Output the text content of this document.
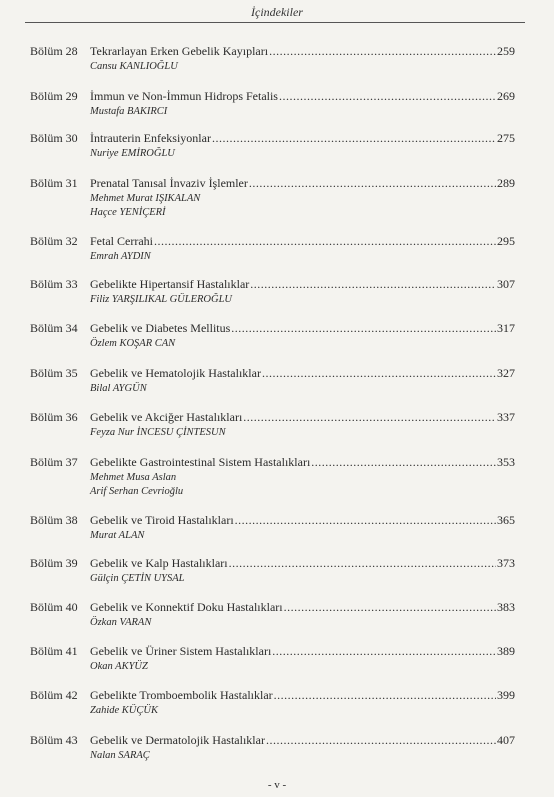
İçindekiler
Bölüm 28 Tekrarlayan Erken Gebelik Kayıpları .....	259
Cansu KANLIOĞLU
Bölüm 29 İmmun ve Non-İmmun Hidrops Fetalis .....	269
Mustafa BAKIRCI
Bölüm 30 İntrauterin Enfeksiyonlar .....	275
Nuriye EMİROĞLU
Bölüm 31 Prenatal Tanısal İnvaziv İşlemler .....	289
Mehmet Murat IŞIKALAN
Haçce YENİÇERİ
Bölüm 32 Fetal Cerrahi .....	295
Emrah AYDIN
Bölüm 33 Gebelikte Hipertansif Hastalıklar .....	307
Filiz YARŞILIKAL GÜLEROĞLU
Bölüm 34 Gebelik ve Diabetes Mellitus .....	317
Özlem KOŞAR CAN
Bölüm 35 Gebelik ve Hematolojik Hastalıklar .....	327
Bilal AYGÜN
Bölüm 36 Gebelik ve Akciğer Hastalıkları .....	337
Feyza Nur İNCESU ÇİNTESUN
Bölüm 37 Gebelikte Gastrointestinal Sistem Hastalıkları .....	353
Mehmet Musa Aslan
Arif Serhan Cevrioğlu
Bölüm 38 Gebelik ve Tiroid Hastalıkları .....	365
Murat ALAN
Bölüm 39 Gebelik ve Kalp Hastalıkları .....	373
Gülçin ÇETİN UYSAL
Bölüm 40 Gebelik ve Konnektif Doku Hastalıkları .....	383
Özkan VARAN
Bölüm 41 Gebelik ve Üriner Sistem Hastalıkları .....	389
Okan AKYÜZ
Bölüm 42 Gebelikte Tromboembolik Hastalıklar .....	399
Zahide KÜÇÜK
Bölüm 43 Gebelik ve Dermatolojik Hastalıklar .....	407
Nalan SARAÇ
- v -
